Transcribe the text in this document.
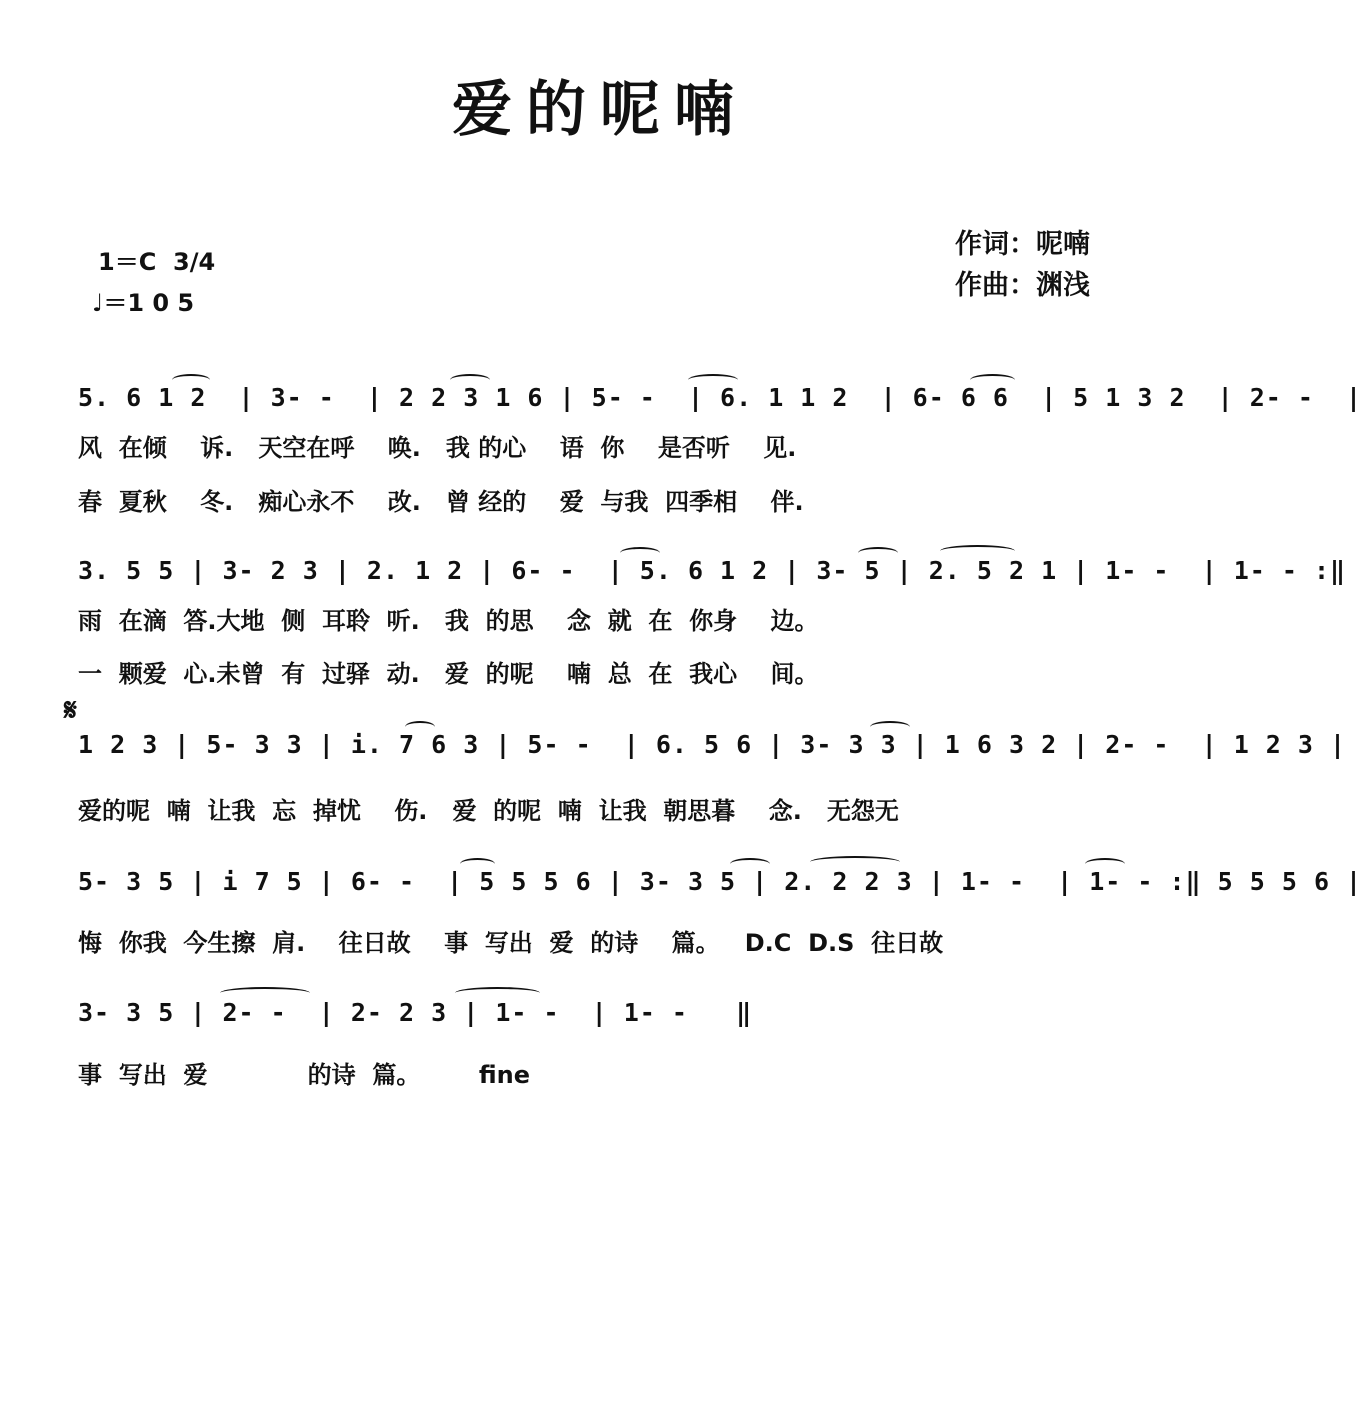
爱的呢喃
1＝C  3/4
♩＝1 0 5
作词：呢喃
作曲：渊浅
5. 6 1 2  | 3- -  | 2 2 3 1 6 | 5- -  | 6. 1 1 2  | 6- 6 6  | 5 1 3 2  | 2- -  |
风  在倾    诉.   天空在呼    唤.   我 的心    语  你    是否听    见.
春  夏秋    冬.   痴心永不    改.   曾 经的    爱  与我  四季相    伴.
3. 5 5 | 3- 2 3 | 2. 1 2 | 6- -  | 5. 6 1 2 | 3- 5 | 2. 5 2 1 | 1- -  | 1- - :‖
雨  在滴  答.大地  侧  耳聆  听.   我  的思    念  就  在  你身    边。
一  颗爱  心.未曾  有  过驿  动.   爱  的呢    喃  总  在  我心    间。
𝄋
1 2 3 | 5- 3 3 | i. 7 6 3 | 5- -  | 6. 5 6 | 3- 3 3 | 1 6 3 2 | 2- -  | 1 2 3 |
爱的呢  喃  让我  忘  掉忧    伤.   爱  的呢  喃  让我  朝思暮    念.   无怨无
5- 3 5 | i 7 5 | 6- -  | 5 5 5 6 | 3- 3 5 | 2. 2 2 3 | 1- -  | 1- - :‖ 5 5 5 6 |
悔  你我  今生擦  肩.    往日故    事  写出  爱  的诗    篇。   D.C  D.S  往日故
3- 3 5 | 2- -  | 2- 2 3 | 1- -  | 1- -   ‖
事  写出  爱            的诗  篇。       fine
